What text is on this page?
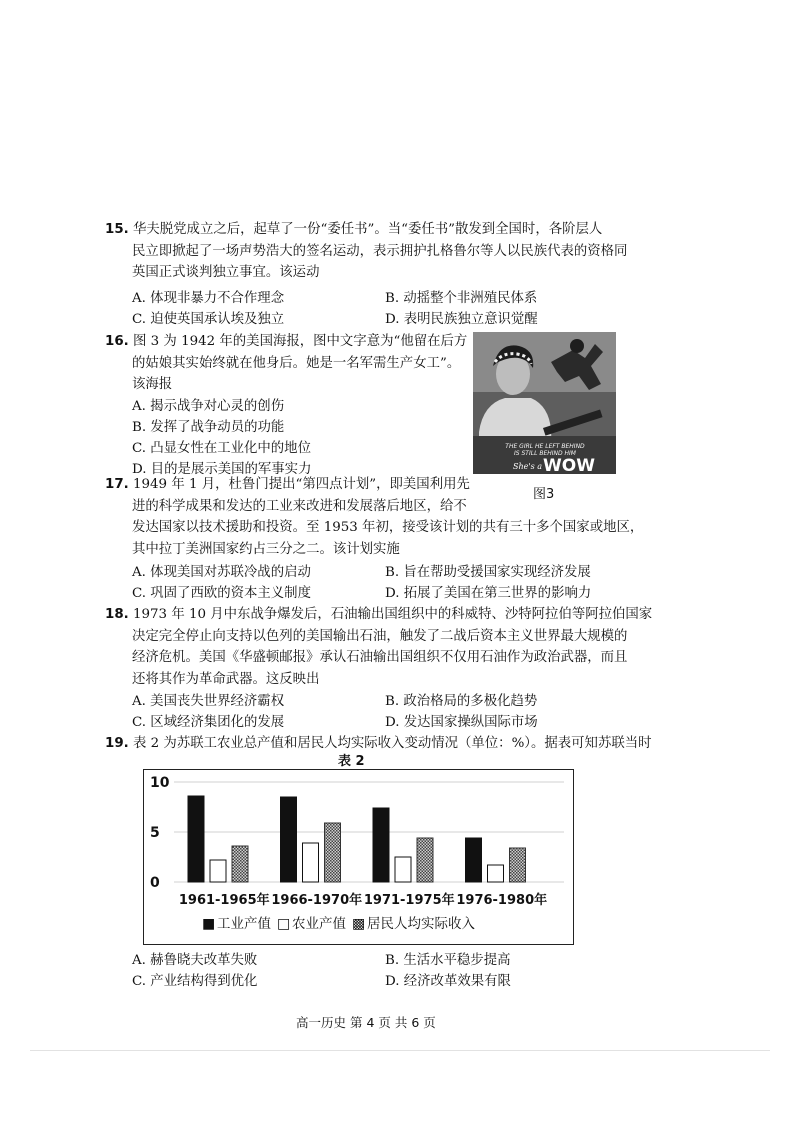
15. 华夫脱党成立之后，起草了一份“委任书”。当“委任书”散发到全国时，各阶层人
民立即掀起了一场声势浩大的签名运动，表示拥护扎格鲁尔等人以民族代表的资格同
英国正式谈判独立事宜。该运动
A. 体现非暴力不合作理念	B. 动摇整个非洲殖民体系
C. 迫使英国承认埃及独立	D. 表明民族独立意识觉醒
16. 图 3 为 1942 年的美国海报，图中文字意为“他留在后方
的姑娘其实始终就在他身后。她是一名军需生产女工”。
该海报
A. 揭示战争对心灵的创伤
B. 发挥了战争动员的功能
C. 凸显女性在工业化中的地位
D. 目的是展示美国的军事实力
THE GIRL HE LEFT BEHIND
IS STILL BEHIND HIM
She's a WOW
图3
17. 1949 年 1 月，杜鲁门提出“第四点计划”，即美国利用先
进的科学成果和发达的工业来改进和发展落后地区，给不
发达国家以技术援助和投资。至 1953 年初，接受该计划的共有三十多个国家或地区，
其中拉丁美洲国家约占三分之二。该计划实施
A. 体现美国对苏联冷战的启动	B. 旨在帮助受援国家实现经济发展
C. 巩固了西欧的资本主义制度	D. 拓展了美国在第三世界的影响力
18. 1973 年 10 月中东战争爆发后，石油输出国组织中的科威特、沙特阿拉伯等阿拉伯国家
决定完全停止向支持以色列的美国输出石油，触发了二战后资本主义世界最大规模的
经济危机。美国《华盛顿邮报》承认石油输出国组织不仅用石油作为政治武器，而且
还将其作为革命武器。这反映出
A. 美国丧失世界经济霸权	B. 政治格局的多极化趋势
C. 区域经济集团化的发展	D. 发达国家操纵国际市场
19. 表 2 为苏联工农业总产值和居民人均实际收入变动情况（单位：%）。据表可知苏联当时
表 2
0
5
10
1961-1965年 1966-1970年 1971-1975年 1976-1980年
■ 工业产值 □ 农业产值 ▩ 居民人均实际收入
A. 赫鲁晓夫改革失败	B. 生活水平稳步提高
C. 产业结构得到优化	D. 经济改革效果有限
高一历史 第 4 页 共 6 页
